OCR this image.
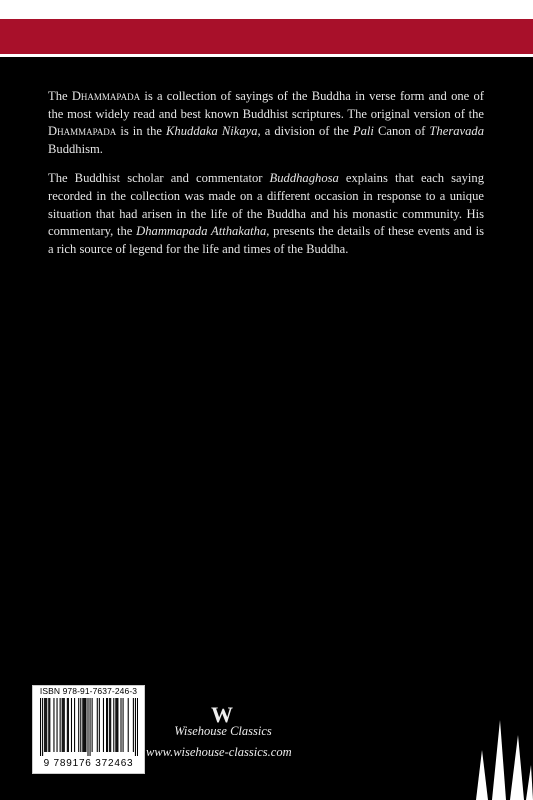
The Dhammapada is a collection of sayings of the Buddha in verse form and one of the most widely read and best known Buddhist scriptures. The original version of the Dhammapada is in the Khuddaka Nikaya, a division of the Pali Canon of Theravada Buddhism.

The Buddhist scholar and commentator Buddhaghosa explains that each saying recorded in the collection was made on a different occasion in response to a unique situation that had arisen in the life of the Buddha and his monastic community. His commentary, the Dhammapada Atthakatha, presents the details of these events and is a rich source of legend for the life and times of the Buddha.

ISBN 978-91-7637-246-3
9 789176 372463
W
Wisehouse Classics
www.wisehouse-classics.com
